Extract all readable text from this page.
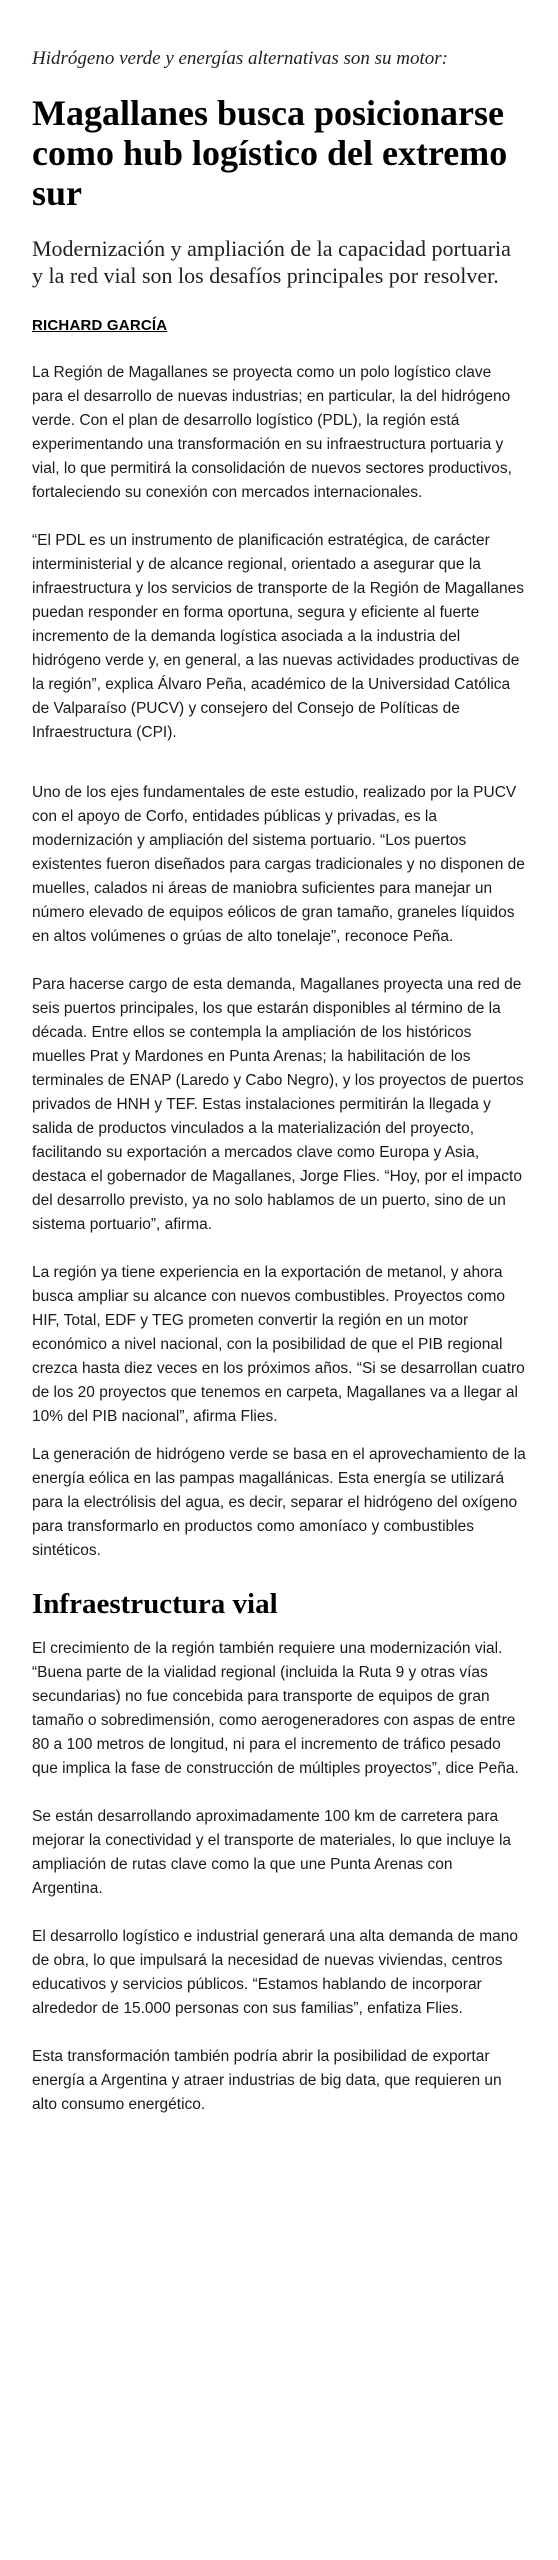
Hidrógeno verde y energías alternativas son su motor:

Magallanes busca posicionarse como hub logístico del extremo sur

Modernización y ampliación de la capacidad portuaria y la red vial son los desafíos principales por resolver.

RICHARD GARCÍA

La Región de Magallanes se proyecta como un polo logístico clave para el desarrollo de nuevas industrias; en particular, la del hidrógeno verde. Con el plan de desarrollo logístico (PDL), la región está experimentando una transformación en su infraestructura portuaria y vial, lo que permitirá la consolidación de nuevos sectores productivos, fortaleciendo su conexión con mercados internacionales.

“El PDL es un instrumento de planificación estratégica, de carácter interministerial y de alcance regional, orientado a asegurar que la infraestructura y los servicios de transporte de la Región de Magallanes puedan responder en forma oportuna, segura y eficiente al fuerte incremento de la demanda logística asociada a la industria del hidrógeno verde y, en general, a las nuevas actividades productivas de la región”, explica Álvaro Peña, académico de la Universidad Católica de Valparaíso (PUCV) y consejero del Consejo de Políticas de Infraestructura (CPI).

Uno de los ejes fundamentales de este estudio, realizado por la PUCV con el apoyo de Corfo, entidades públicas y privadas, es la modernización y ampliación del sistema portuario. “Los puertos existentes fueron diseñados para cargas tradicionales y no disponen de muelles, calados ni áreas de maniobra suficientes para manejar un número elevado de equipos eólicos de gran tamaño, graneles líquidos en altos volúmenes o grúas de alto tonelaje”, reconoce Peña.

Para hacerse cargo de esta demanda, Magallanes proyecta una red de seis puertos principales, los que estarán disponibles al término de la década. Entre ellos se contempla la ampliación de los históricos muelles Prat y Mardones en Punta Arenas; la habilitación de los terminales de ENAP (Laredo y Cabo Negro), y los proyectos de puertos privados de HNH y TEF. Estas instalaciones permitirán la llegada y salida de productos vinculados a la materialización del proyecto, facilitando su exportación a mercados clave como Europa y Asia, destaca el gobernador de Magallanes, Jorge Flies. “Hoy, por el impacto del desarrollo previsto, ya no solo hablamos de un puerto, sino de un sistema portuario”, afirma.

La región ya tiene experiencia en la exportación de metanol, y ahora busca ampliar su alcance con nuevos combustibles. Proyectos como HIF, Total, EDF y TEG prometen convertir la región en un motor económico a nivel nacional, con la posibilidad de que el PIB regional crezca hasta diez veces en los próximos años. “Si se desarrollan cuatro de los 20 proyectos que tenemos en carpeta, Magallanes va a llegar al 10% del PIB nacional”, afirma Flies.

La generación de hidrógeno verde se basa en el aprovechamiento de la energía eólica en las pampas magallánicas. Esta energía se utilizará para la electrólisis del agua, es decir, separar el hidrógeno del oxígeno para transformarlo en productos como amoníaco y combustibles sintéticos.

Infraestructura vial

El crecimiento de la región también requiere una modernización vial. “Buena parte de la vialidad regional (incluida la Ruta 9 y otras vías secundarias) no fue concebida para transporte de equipos de gran tamaño o sobredimensión, como aerogeneradores con aspas de entre 80 a 100 metros de longitud, ni para el incremento de tráfico pesado que implica la fase de construcción de múltiples proyectos”, dice Peña.

Se están desarrollando aproximadamente 100 km de carretera para mejorar la conectividad y el transporte de materiales, lo que incluye la ampliación de rutas clave como la que une Punta Arenas con Argentina.

El desarrollo logístico e industrial generará una alta demanda de mano de obra, lo que impulsará la necesidad de nuevas viviendas, centros educativos y servicios públicos. “Estamos hablando de incorporar alrededor de 15.000 personas con sus familias”, enfatiza Flies.

Esta transformación también podría abrir la posibilidad de exportar energía a Argentina y atraer industrias de big data, que requieren un alto consumo energético.
